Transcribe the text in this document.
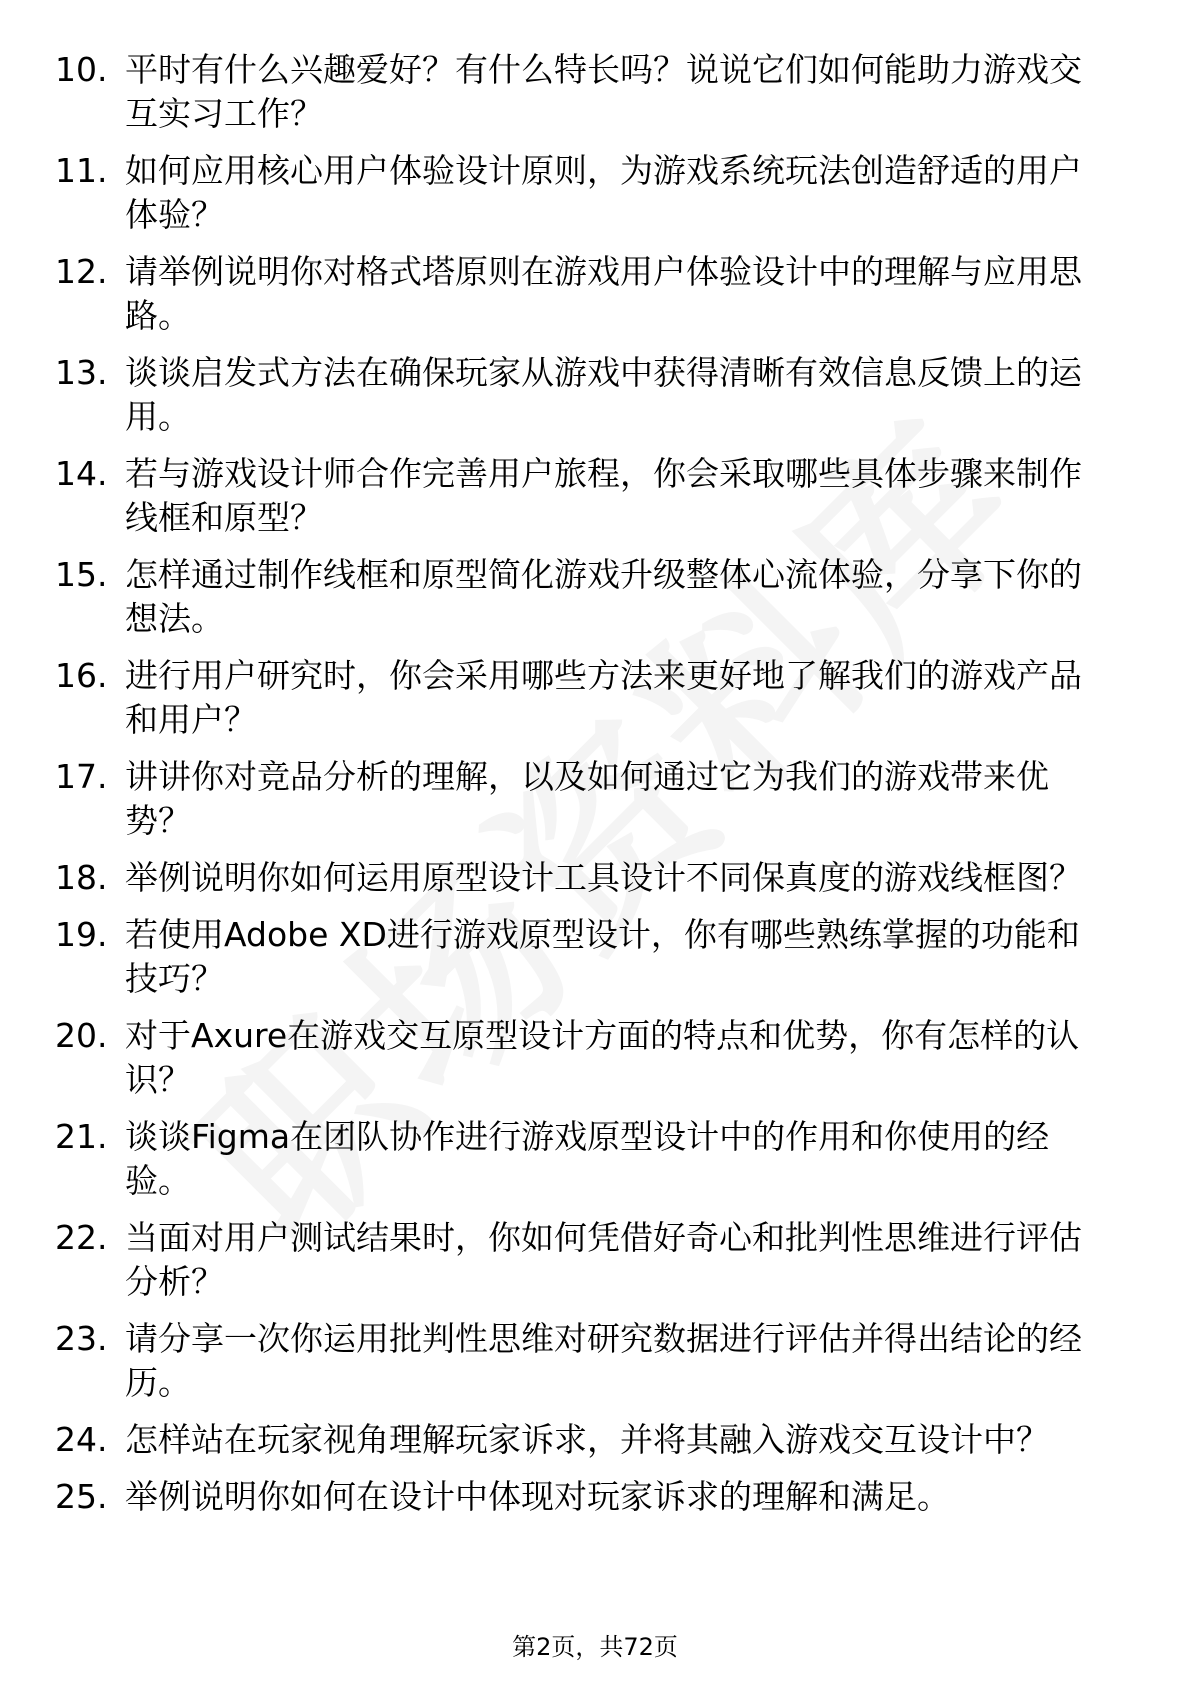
10. 平时有什么兴趣爱好？有什么特长吗？说说它们如何能助力游戏交互实习工作？
11. 如何应用核心用户体验设计原则，为游戏系统玩法创造舒适的用户体验？
12. 请举例说明你对格式塔原则在游戏用户体验设计中的理解与应用思路。
13. 谈谈启发式方法在确保玩家从游戏中获得清晰有效信息反馈上的运用。
14. 若与游戏设计师合作完善用户旅程，你会采取哪些具体步骤来制作线框和原型？
15. 怎样通过制作线框和原型简化游戏升级整体心流体验，分享下你的想法。
16. 进行用户研究时，你会采用哪些方法来更好地了解我们的游戏产品和用户？
17. 讲讲你对竞品分析的理解，以及如何通过它为我们的游戏带来优势？
18. 举例说明你如何运用原型设计工具设计不同保真度的游戏线框图？
19. 若使用Adobe XD进行游戏原型设计，你有哪些熟练掌握的功能和技巧？
20. 对于Axure在游戏交互原型设计方面的特点和优势，你有怎样的认识？
21. 谈谈Figma在团队协作进行游戏原型设计中的作用和你使用的经验。
22. 当面对用户测试结果时，你如何凭借好奇心和批判性思维进行评估分析？
23. 请分享一次你运用批判性思维对研究数据进行评估并得出结论的经历。
24. 怎样站在玩家视角理解玩家诉求，并将其融入游戏交互设计中？
25. 举例说明你如何在设计中体现对玩家诉求的理解和满足。
第2页，共72页
